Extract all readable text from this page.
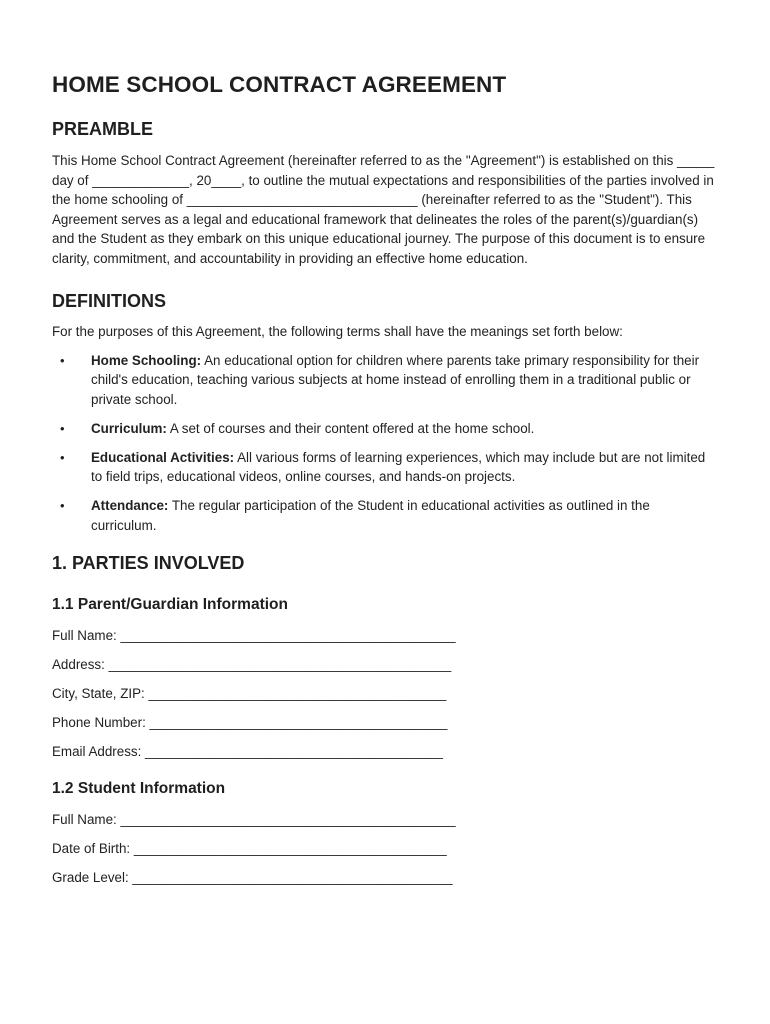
HOME SCHOOL CONTRACT AGREEMENT
PREAMBLE

This Home School Contract Agreement (hereinafter referred to as the "Agreement") is established on this _____ day of _____________, 20____, to outline the mutual expectations and responsibilities of the parties involved in the home schooling of _______________________________ (hereinafter referred to as the "Student"). This Agreement serves as a legal and educational framework that delineates the roles of the parent(s)/guardian(s) and the Student as they embark on this unique educational journey. The purpose of this document is to ensure clarity, commitment, and accountability in providing an effective home education.

DEFINITIONS

For the purposes of this Agreement, the following terms shall have the meanings set forth below:

• Home Schooling: An educational option for children where parents take primary responsibility for their child's education, teaching various subjects at home instead of enrolling them in a traditional public or private school.
• Curriculum: A set of courses and their content offered at the home school.
• Educational Activities: All various forms of learning experiences, which may include but are not limited to field trips, educational videos, online courses, and hands-on projects.
• Attendance: The regular participation of the Student in educational activities as outlined in the curriculum.
1. PARTIES INVOLVED
1.1 Parent/Guardian Information
Full Name: _____________________________________________
Address: ______________________________________________
City, State, ZIP: ________________________________________
Phone Number: ________________________________________
Email Address: ________________________________________
1.2 Student Information
Full Name: _____________________________________________
Date of Birth: __________________________________________
Grade Level: ___________________________________________
